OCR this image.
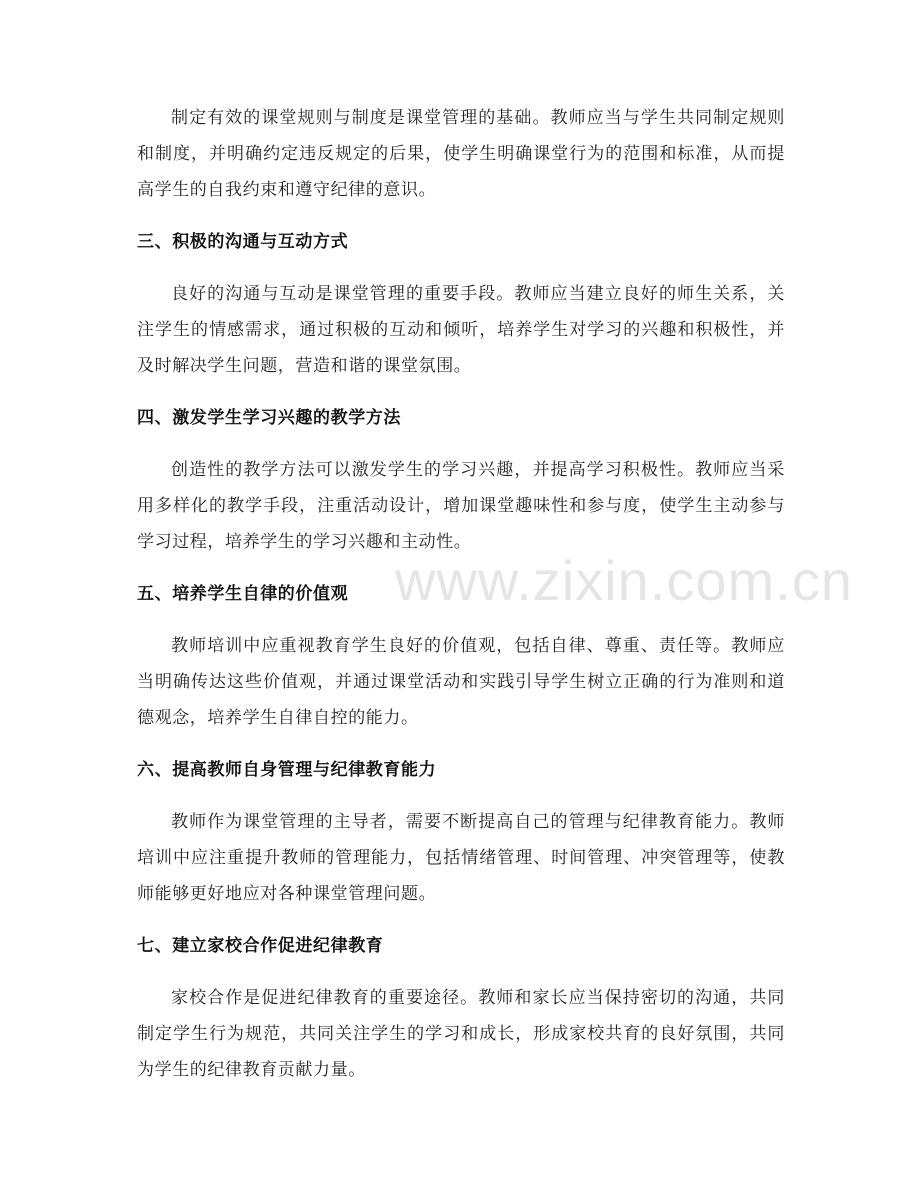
制定有效的课堂规则与制度是课堂管理的基础。教师应当与学生共同制定规则和制度，并明确约定违反规定的后果，使学生明确课堂行为的范围和标准，从而提高学生的自我约束和遵守纪律的意识。

三、积极的沟通与互动方式

良好的沟通与互动是课堂管理的重要手段。教师应当建立良好的师生关系，关注学生的情感需求，通过积极的互动和倾听，培养学生对学习的兴趣和积极性，并及时解决学生问题，营造和谐的课堂氛围。

四、激发学生学习兴趣的教学方法

创造性的教学方法可以激发学生的学习兴趣，并提高学习积极性。教师应当采用多样化的教学手段，注重活动设计，增加课堂趣味性和参与度，使学生主动参与学习过程，培养学生的学习兴趣和主动性。

五、培养学生自律的价值观

教师培训中应重视教育学生良好的价值观，包括自律、尊重、责任等。教师应当明确传达这些价值观，并通过课堂活动和实践引导学生树立正确的行为准则和道德观念，培养学生自律自控的能力。

六、提高教师自身管理与纪律教育能力

教师作为课堂管理的主导者，需要不断提高自己的管理与纪律教育能力。教师培训中应注重提升教师的管理能力，包括情绪管理、时间管理、冲突管理等，使教师能够更好地应对各种课堂管理问题。

七、建立家校合作促进纪律教育

家校合作是促进纪律教育的重要途径。教师和家长应当保持密切的沟通，共同制定学生行为规范，共同关注学生的学习和成长，形成家校共育的良好氛围，共同为学生的纪律教育贡献力量。

www.zixin.com.cn
